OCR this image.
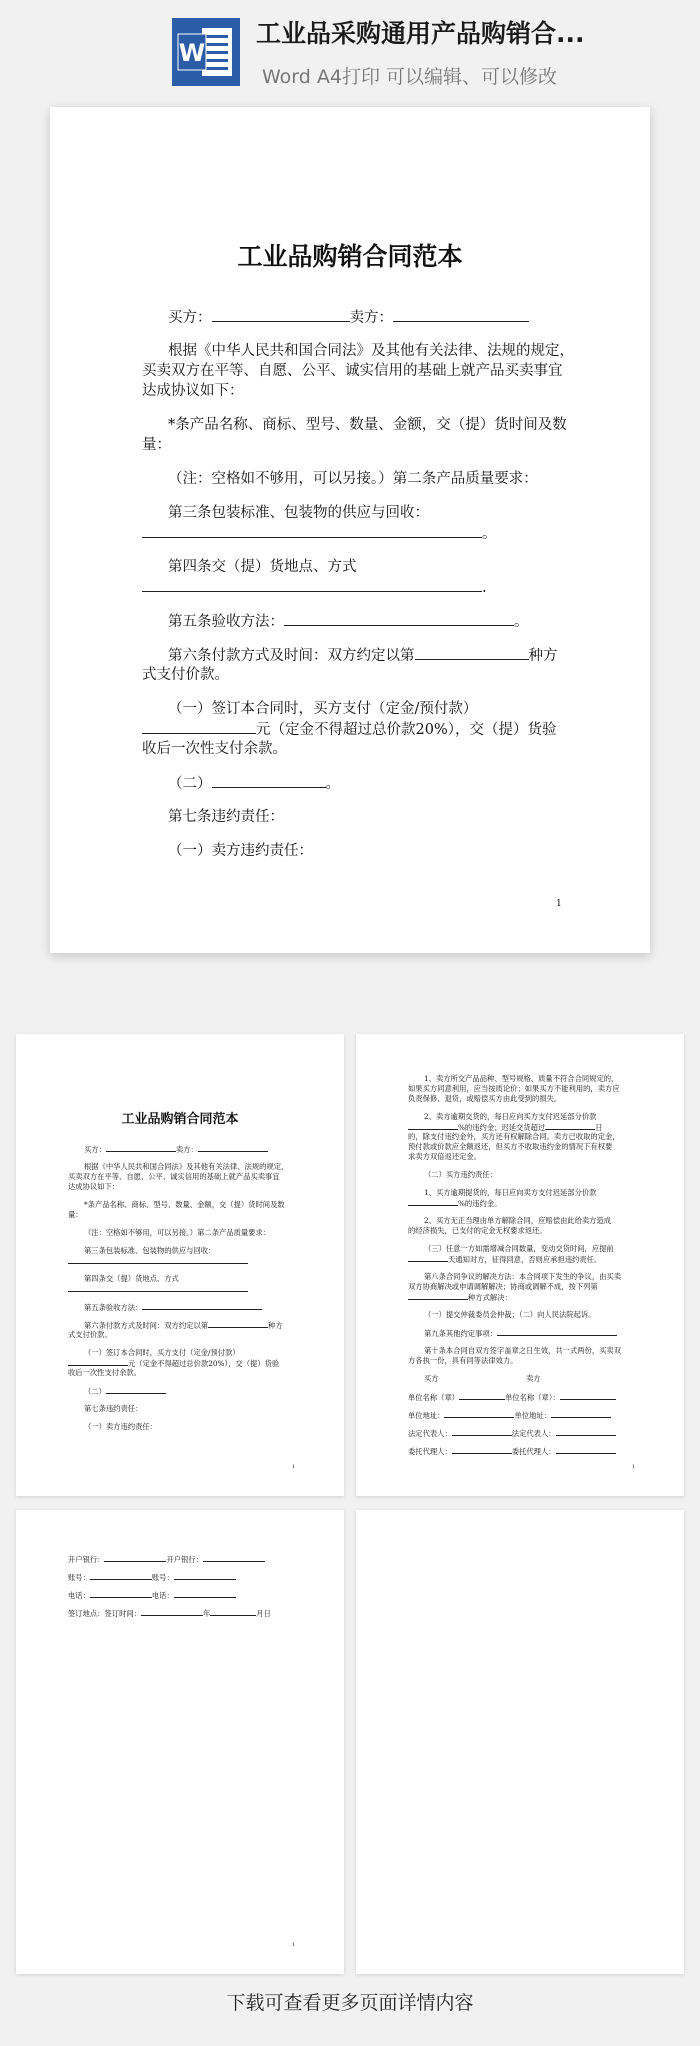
W
工业品采购通用产品购销合...
Word A4打印 可以编辑、可以修改
工业品购销合同范本
买方：	卖方：
根据《中华人民共和国合同法》及其他有关法律、法规的规定，
买卖双方在平等、自愿、公平、诚实信用的基础上就产品买卖事宜
达成协议如下：
*条产品名称、商标、型号、数量、金额，交（提）货时间及数
量：
（注：空格如不够用，可以另接。）第二条产品质量要求：
第三条包装标准、包装物的供应与回收：
。
第四条交（提）货地点、方式
.
第五条验收方法：	。
第六条付款方式及时间：双方约定以第	种方
式支付价款。
（一）签订本合同时，买方支付（定金/预付款）
元（定金不得超过总价款20%），交（提）货验
收后一次性支付余款。
（二）	。
第七条违约责任：
（一）卖方违约责任：
1
工业品购销合同范本
买方：	卖方：
根据《中华人民共和国合同法》及其他有关法律、法规的规定，
买卖双方在平等、自愿、公平、诚实信用的基础上就产品买卖事宜
达成协议如下：
*条产品名称、商标、型号、数量、金额，交（提）货时间及数
量：
（注：空格如不够用，可以另接。）第二条产品质量要求：
第三条包装标准、包装物的供应与回收：
第四条交（提）货地点、方式
第五条验收方法：
第六条付款方式及时间：双方约定以第	种方
式支付价款。
（一）签订本合同时，买方支付（定金/预付款）
元（定金不得超过总价款20%），交（提）货验
收后一次性支付余款。
（二）
第七条违约责任：
（一）卖方违约责任：
1
1、卖方所交产品品种、型号规格、质量不符合合同规定的，
如果买方同意利用，应当按质论价；如果买方不能利用的，卖方应
负责保修、退货，或赔偿买方由此受到的损失。
2、卖方逾期交货的，每日应向买方支付迟延部分价款
%的违约金；迟延交货超过	日
的，除支付违约金外，买方还有权解除合同。卖方已收取的定金，
预付款或价款应全额返还，但买方不收取违约金的情况下有权要
求卖方双倍返还定金。
（二）买方违约责任：
1、买方逾期提货的，每日应向卖方支付迟延部分价款
%的违约金。
2、买方无正当理由单方解除合同，应赔偿由此给卖方造成
的经济损失，已支付的定金无权要求返还。
（三）任意一方如需增减合同数量，变动交货时间，应提前
天通知对方，征得同意，否则应承担违约责任。
第八条合同争议的解决方法：本合同项下发生的争议，由买卖
双方协商解决或申请调解解决；协商或调解不成，按下列第
种方式解决：
（一）提交仲裁委员会仲裁；（二）向人民法院起诉。
第九条其他约定事项：
第十条本合同自双方签字盖章之日生效，共一式两份，买卖双
方各执一份，具有同等法律效力。
买方	卖方
单位名称（章）	单位名称（章）：
单位地址：	单位地址：
法定代表人：	法定代表人：
委托代理人：	委托代理人：
1
开户银行：	开户银行：
账号：	账号：
电话：	电话：
签订地点：签订时间：	年	月日
1
下载可查看更多页面详情内容
